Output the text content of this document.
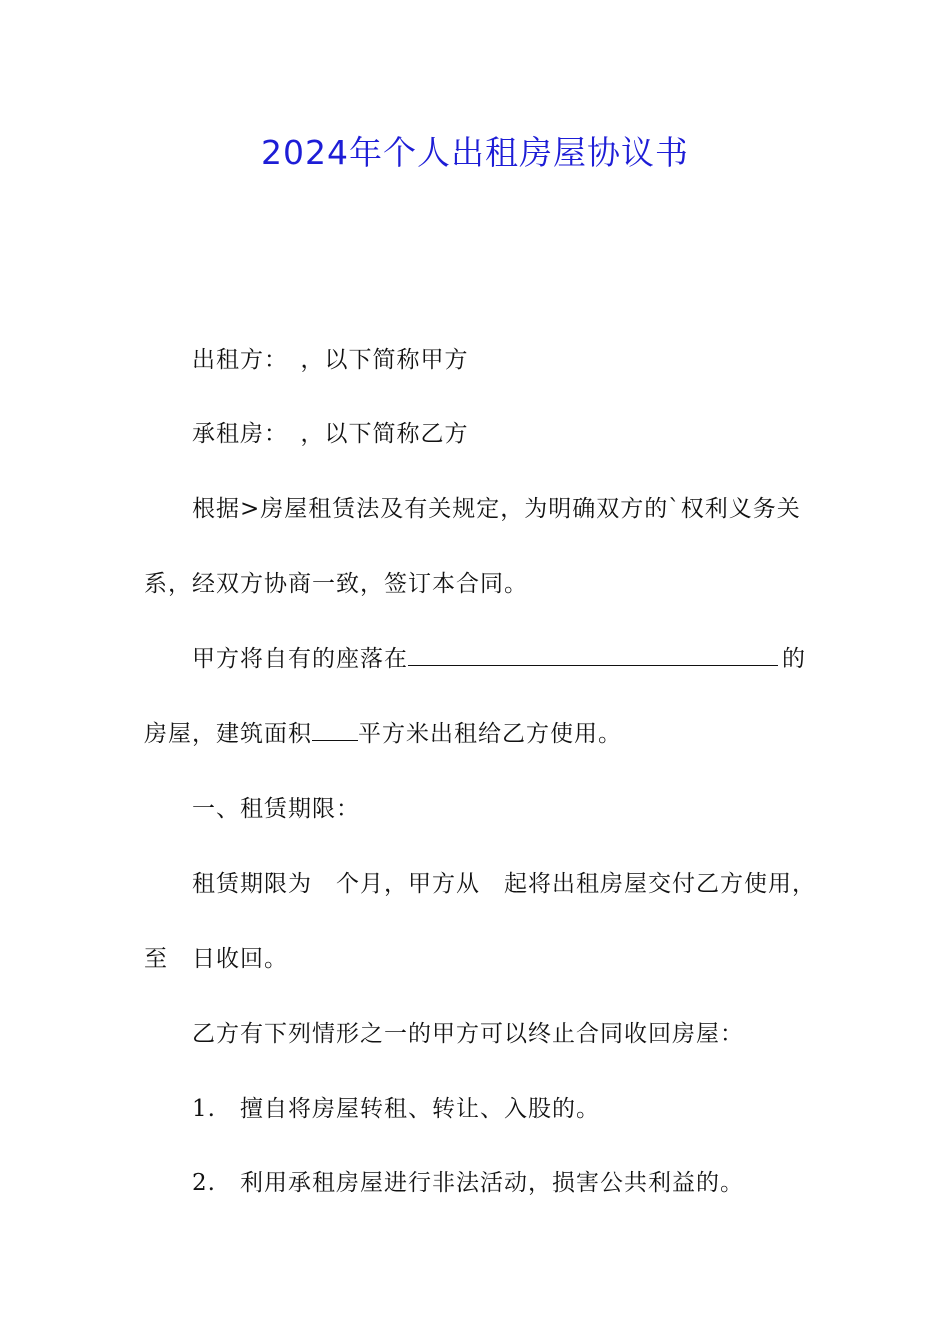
2024年个人出租房屋协议书

出租方：　，以下简称甲方

承租房：　，以下简称乙方

根据>房屋租赁法及有关规定，为明确双方的`权利义务关

系，经双方协商一致，签订本合同。

甲方将自有的座落在	的

房屋，建筑面积 平方米出租给乙方使用。

一、租赁期限：

租赁期限为　个月，甲方从　起将出租房屋交付乙方使用，

至　日收回。

乙方有下列情形之一的甲方可以终止合同收回房屋：

1.　擅自将房屋转租、转让、入股的。

2.　利用承租房屋进行非法活动，损害公共利益的。
